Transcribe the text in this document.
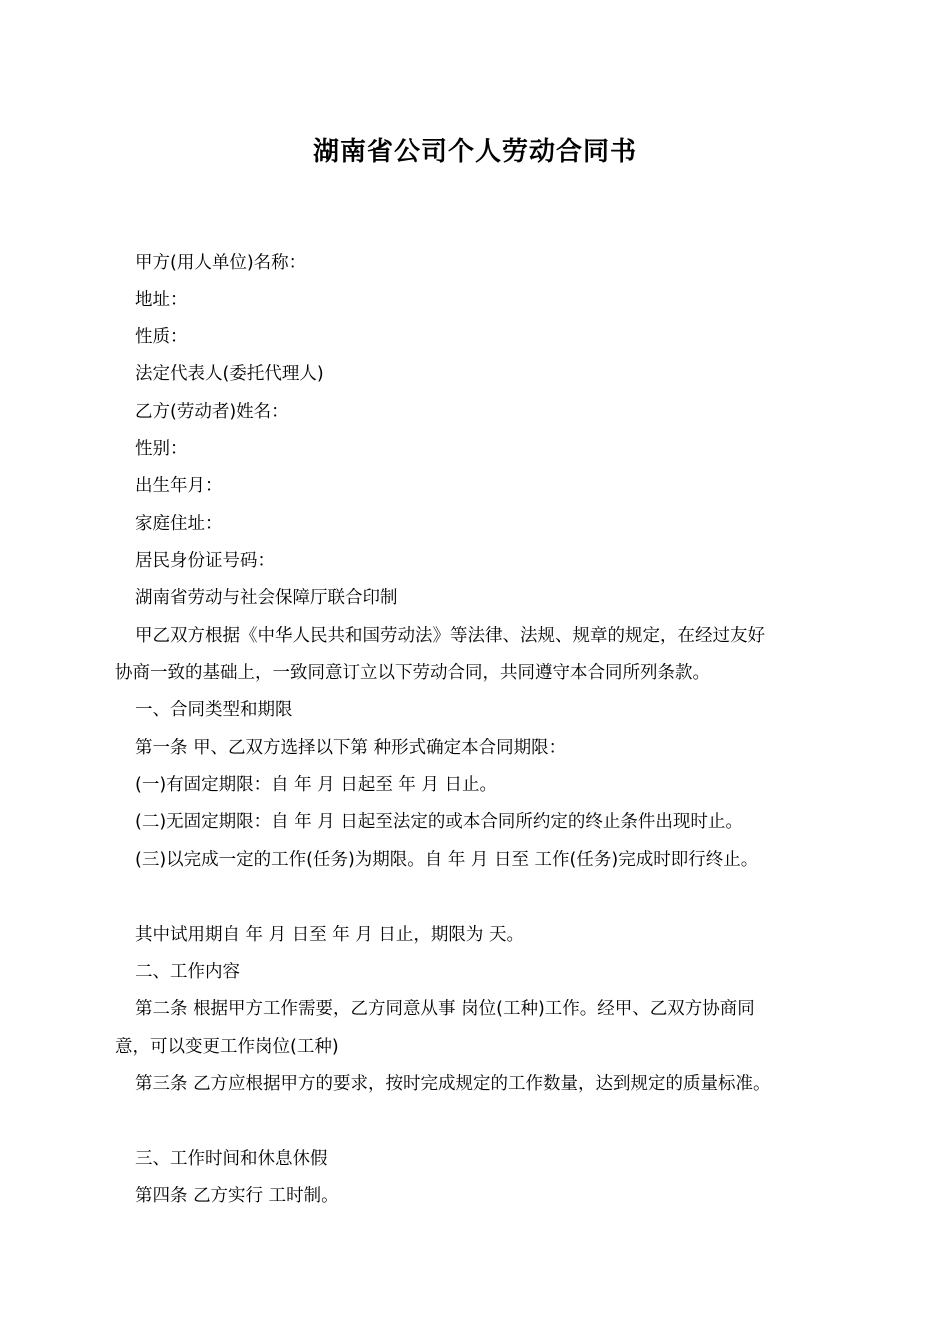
湖南省公司个人劳动合同书
甲方(用人单位)名称：
地址：
性质：
法定代表人(委托代理人)
乙方(劳动者)姓名：
性别：
出生年月：
家庭住址：
居民身份证号码：
湖南省劳动与社会保障厅联合印制
甲乙双方根据《中华人民共和国劳动法》等法律、法规、规章的规定，在经过友好
协商一致的基础上，一致同意订立以下劳动合同，共同遵守本合同所列条款。
一、合同类型和期限
第一条 甲、乙双方选择以下第 种形式确定本合同期限：
(一)有固定期限：自 年 月 日起至 年 月 日止。
(二)无固定期限：自 年 月 日起至法定的或本合同所约定的终止条件出现时止。
(三)以完成一定的工作(任务)为期限。自 年 月 日至 工作(任务)完成时即行终止。
其中试用期自 年 月 日至 年 月 日止，期限为 天。
二、工作内容
第二条 根据甲方工作需要，乙方同意从事 岗位(工种)工作。经甲、乙双方协商同
意，可以变更工作岗位(工种)
第三条 乙方应根据甲方的要求，按时完成规定的工作数量，达到规定的质量标准。
三、工作时间和休息休假
第四条 乙方实行 工时制。
